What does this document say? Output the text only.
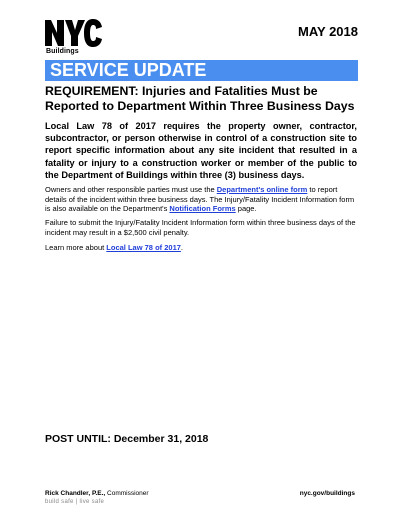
Buildings
MAY 2018
SERVICE UPDATE
REQUIREMENT: Injuries and Fatalities Must be
Reported to Department Within Three Business Days
Local Law 78 of 2017 requires the property owner, contractor, subcontractor, or person otherwise in control of a construction site to report specific information about any site incident that resulted in a fatality or injury to a construction worker or member of the public to the Department of Buildings within three (3) business days.
Owners and other responsible parties must use the Department's online form to report details of the incident within three business days. The Injury/Fatality Incident Information form is also available on the Department's Notification Forms page.
Failure to submit the Injury/Fatality Incident Information form within three business days of the incident may result in a $2,500 civil penalty.
Learn more about Local Law 78 of 2017.
POST UNTIL: December 31, 2018
Rick Chandler, P.E., Commissioner
build safe | live safe
nyc.gov/buildings
